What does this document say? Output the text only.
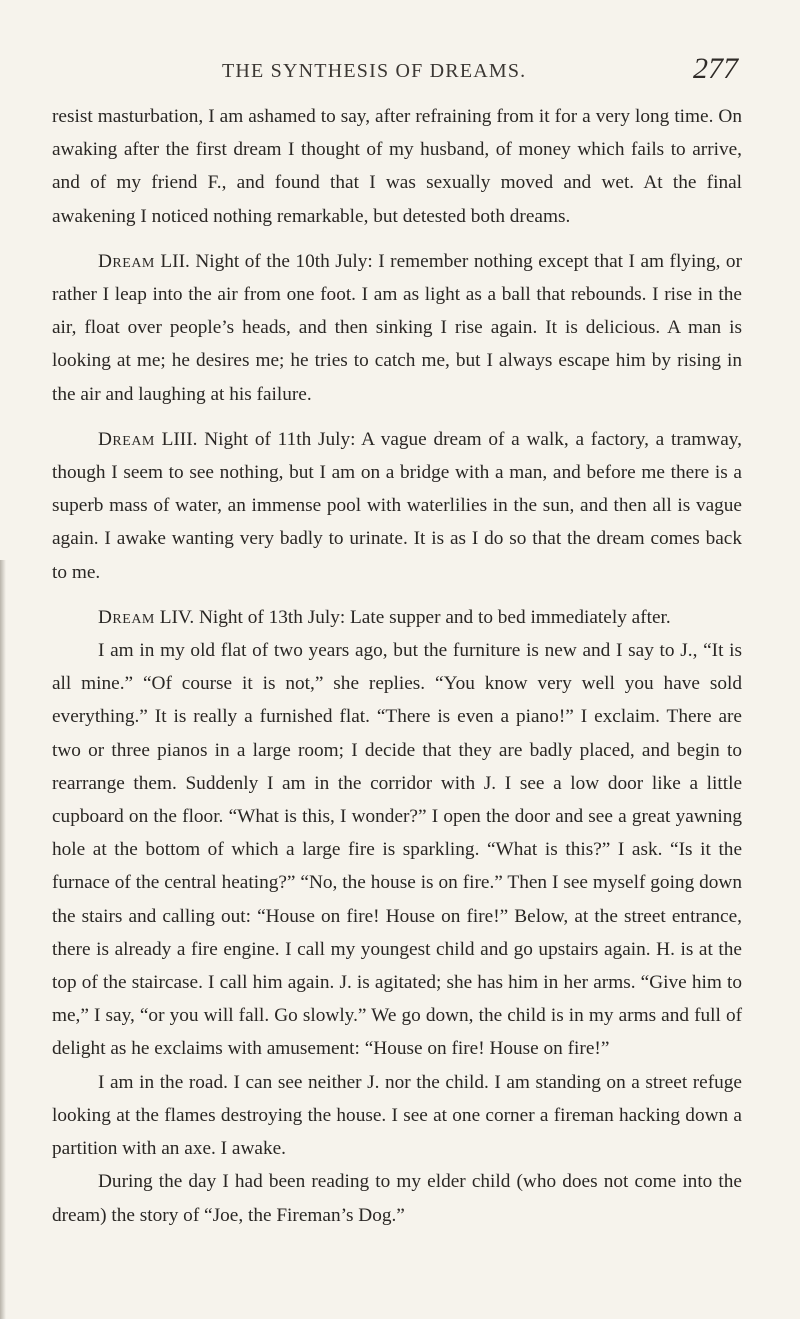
THE SYNTHESIS OF DREAMS.	277

resist masturbation, I am ashamed to say, after refraining from it for a very long time. On awaking after the first dream I thought of my husband, of money which fails to arrive, and of my friend F., and found that I was sexually moved and wet. At the final awakening I noticed nothing remarkable, but detested both dreams.

Dream LII. Night of the 10th July: I remember nothing except that I am flying, or rather I leap into the air from one foot. I am as light as a ball that rebounds. I rise in the air, float over people’s heads, and then sinking I rise again. It is delicious. A man is looking at me; he desires me; he tries to catch me, but I always escape him by rising in the air and laughing at his failure.

Dream LIII. Night of 11th July: A vague dream of a walk, a factory, a tramway, though I seem to see nothing, but I am on a bridge with a man, and before me there is a superb mass of water, an immense pool with waterlilies in the sun, and then all is vague again. I awake wanting very badly to urinate. It is as I do so that the dream comes back to me.

Dream LIV. Night of 13th July: Late supper and to bed immediately after.

I am in my old flat of two years ago, but the furniture is new and I say to J., “It is all mine.” “Of course it is not,” she replies. “You know very well you have sold everything.” It is really a furnished flat. “There is even a piano!” I exclaim. There are two or three pianos in a large room; I decide that they are badly placed, and begin to rearrange them. Suddenly I am in the corridor with J. I see a low door like a little cupboard on the floor. “What is this, I wonder?” I open the door and see a great yawning hole at the bottom of which a large fire is sparkling. “What is this?” I ask. “Is it the furnace of the central heating?” “No, the house is on fire.” Then I see myself going down the stairs and calling out: “House on fire! House on fire!” Below, at the street entrance, there is already a fire engine. I call my youngest child and go upstairs again. H. is at the top of the staircase. I call him again. J. is agitated; she has him in her arms. “Give him to me,” I say, “or you will fall. Go slowly.” We go down, the child is in my arms and full of delight as he exclaims with amusement: “House on fire! House on fire!”

I am in the road. I can see neither J. nor the child. I am standing on a street refuge looking at the flames destroying the house. I see at one corner a fireman hacking down a partition with an axe. I awake.

During the day I had been reading to my elder child (who does not come into the dream) the story of “Joe, the Fireman’s Dog.”
